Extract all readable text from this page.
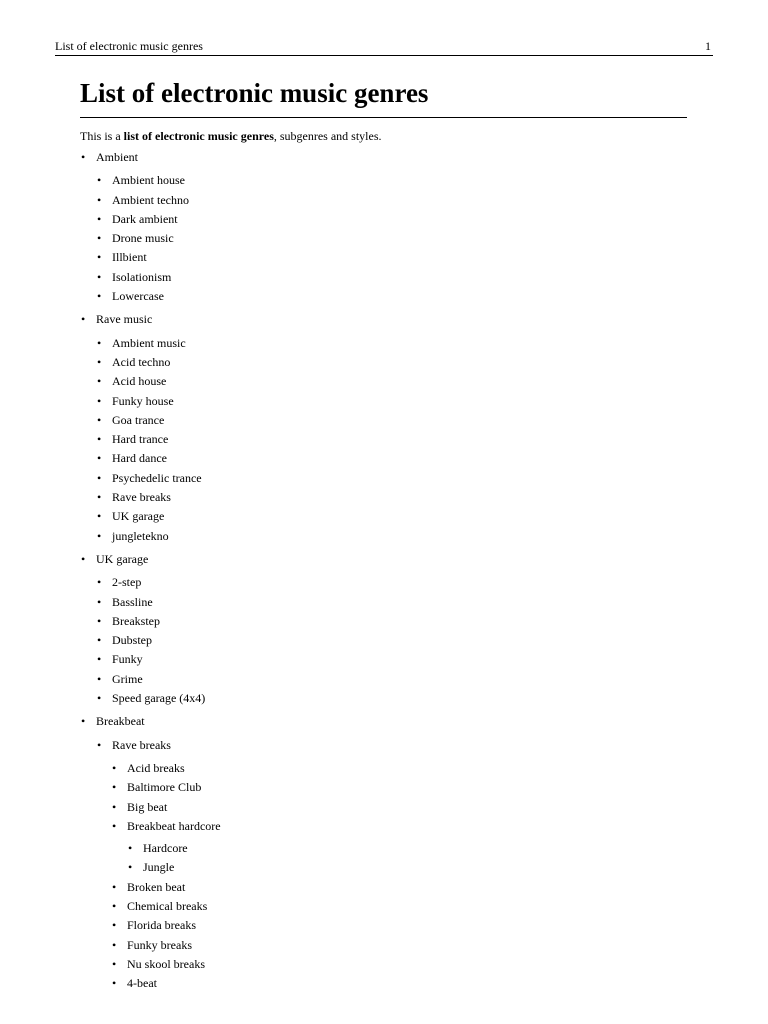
List of electronic music genres	1
List of electronic music genres

This is a list of electronic music genres, subgenres and styles.

• Ambient
• Ambient house
• Ambient techno
• Dark ambient
• Drone music
• Illbient
• Isolationism
• Lowercase
• Rave music
• Ambient music
• Acid techno
• Acid house
• Funky house
• Goa trance
• Hard trance
• Hard dance
• Psychedelic trance
• Rave breaks
• UK garage
• jungletekno
• UK garage
• 2-step
• Bassline
• Breakstep
• Dubstep
• Funky
• Grime
• Speed garage (4x4)
• Breakbeat
• Rave breaks
• Acid breaks
• Baltimore Club
• Big beat
• Breakbeat hardcore
• Hardcore
• Jungle
• Broken beat
• Chemical breaks
• Florida breaks
• Funky breaks
• Nu skool breaks
• 4-beat
